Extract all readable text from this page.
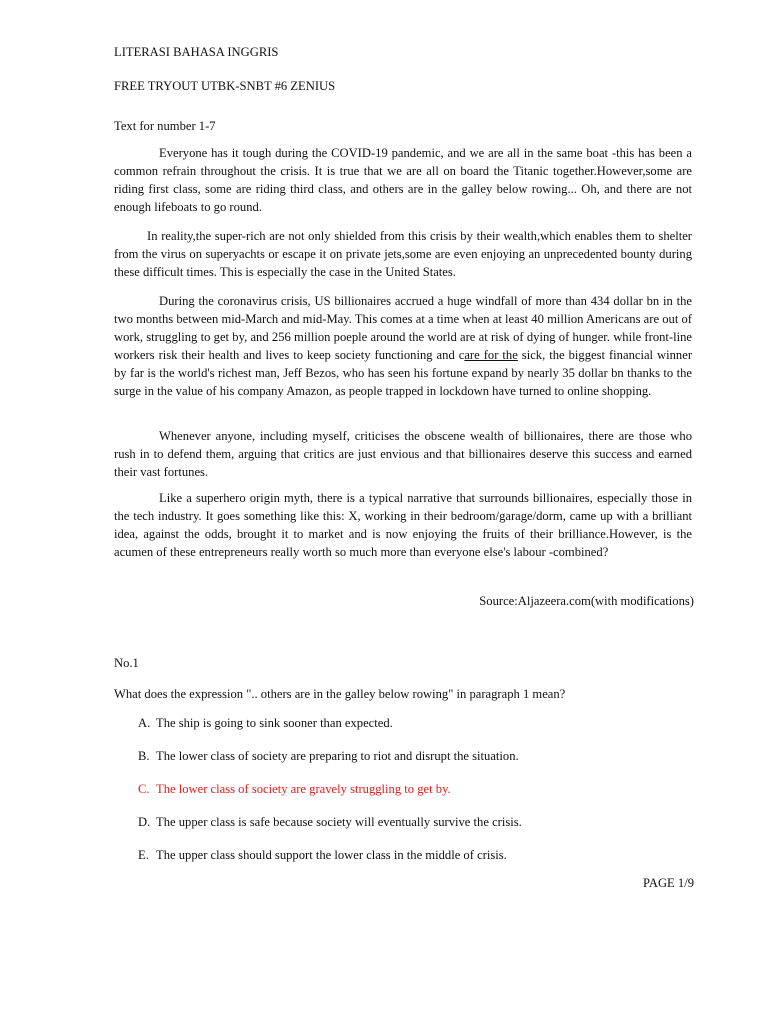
LITERASI BAHASA INGGRIS
FREE TRYOUT UTBK-SNBT #6 ZENIUS
Text for number 1-7

Everyone has it tough during the COVID-19 pandemic, and we are all in the same boat -this has been a common refrain throughout the crisis. It is true that we are all on board the Titanic together.However,some are riding first class, some are riding third class, and others are in the galley below rowing... Oh, and there are not enough lifeboats to go round.

In reality,the super-rich are not only shielded from this crisis by their wealth,which enables them to shelter from the virus on superyachts or escape it on private jets,some are even enjoying an unprecedented bounty during these difficult times. This is especially the case in the United States.

During the coronavirus crisis, US billionaires accrued a huge windfall of more than 434 dollar bn in the two months between mid-March and mid-May. This comes at a time when at least 40 million Americans are out of work, struggling to get by, and 256 million poeple around the world are at risk of dying of hunger. while front-line workers risk their health and lives to keep society functioning and care for the sick, the biggest financial winner by far is the world's richest man, Jeff Bezos, who has seen his fortune expand by nearly 35 dollar bn thanks to the surge in the value of his company Amazon, as people trapped in lockdown have turned to online shopping.

Whenever anyone, including myself, criticises the obscene wealth of billionaires, there are those who rush in to defend them, arguing that critics are just envious and that billionaires deserve this success and earned their vast fortunes.

Like a superhero origin myth, there is a typical narrative that surrounds billionaires, especially those in the tech industry. It goes something like this: X, working in their bedroom/garage/dorm, came up with a brilliant idea, against the odds, brought it to market and is now enjoying the fruits of their brilliance.However, is the acumen of these entrepreneurs really worth so much more than everyone else's labour -combined?

Source:Aljazeera.com(with modifications)
No.1
What does the expression ".. others are in the galley below rowing" in paragraph 1 mean?
A. The ship is going to sink sooner than expected.
B. The lower class of society are preparing to riot and disrupt the situation.
C. The lower class of society are gravely struggling to get by.
D. The upper class is safe because society will eventually survive the crisis.
E. The upper class should support the lower class in the middle of crisis.
PAGE 1/9
